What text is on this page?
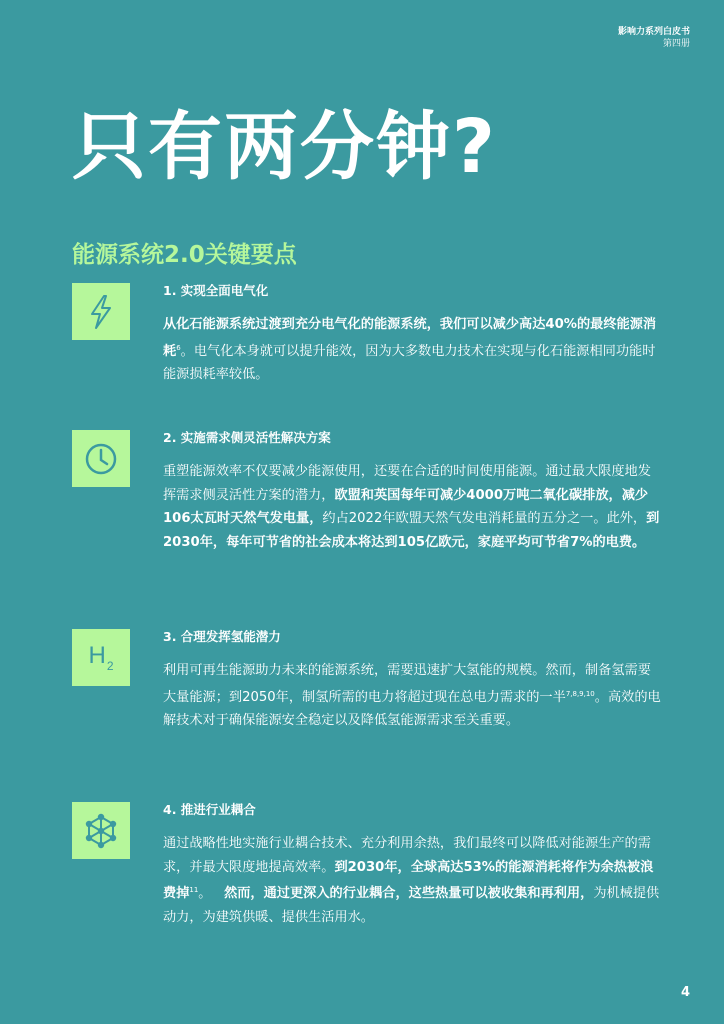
影响力系列白皮书
第四册
只有两分钟?
能源系统2.0关键要点

1. 实现全面电气化

从化石能源系统过渡到充分电气化的能源系统，我们可以减少高达40%的最终能源消耗$^6$。电气化本身就可以提升能效，因为大多数电力技术在实现与化石能源相同功能时能源损耗率较低。

2. 实施需求侧灵活性解决方案

重塑能源效率不仅要减少能源使用，还要在合适的时间使用能源。通过最大限度地发挥需求侧灵活性方案的潜力，欧盟和英国每年可减少4000万吨二氧化碳排放，减少106太瓦时天然气发电量，约占2022年欧盟天然气发电消耗量的五分之一。此外，到2030年，每年可节省的社会成本将达到105亿欧元，家庭平均可节省7%的电费。

$H_2$

3. 合理发挥氢能潜力

利用可再生能源助力未来的能源系统，需要迅速扩大氢能的规模。然而，制备氢需要大量能源；到2050年，制氢所需的电力将超过现在总电力需求的一半$^{7,8,9,10}$。高效的电解技术对于确保能源安全稳定以及降低氢能源需求至关重要。

4. 推进行业耦合

通过战略性地实施行业耦合技术、充分利用余热，我们最终可以降低对能源生产的需求，并最大限度地提高效率。到2030年，全球高达53%的能源消耗将作为余热被浪费掉$^{11}$。 然而，通过更深入的行业耦合，这些热量可以被收集和再利用，为机械提供动力，为建筑供暖、提供生活用水。

4
